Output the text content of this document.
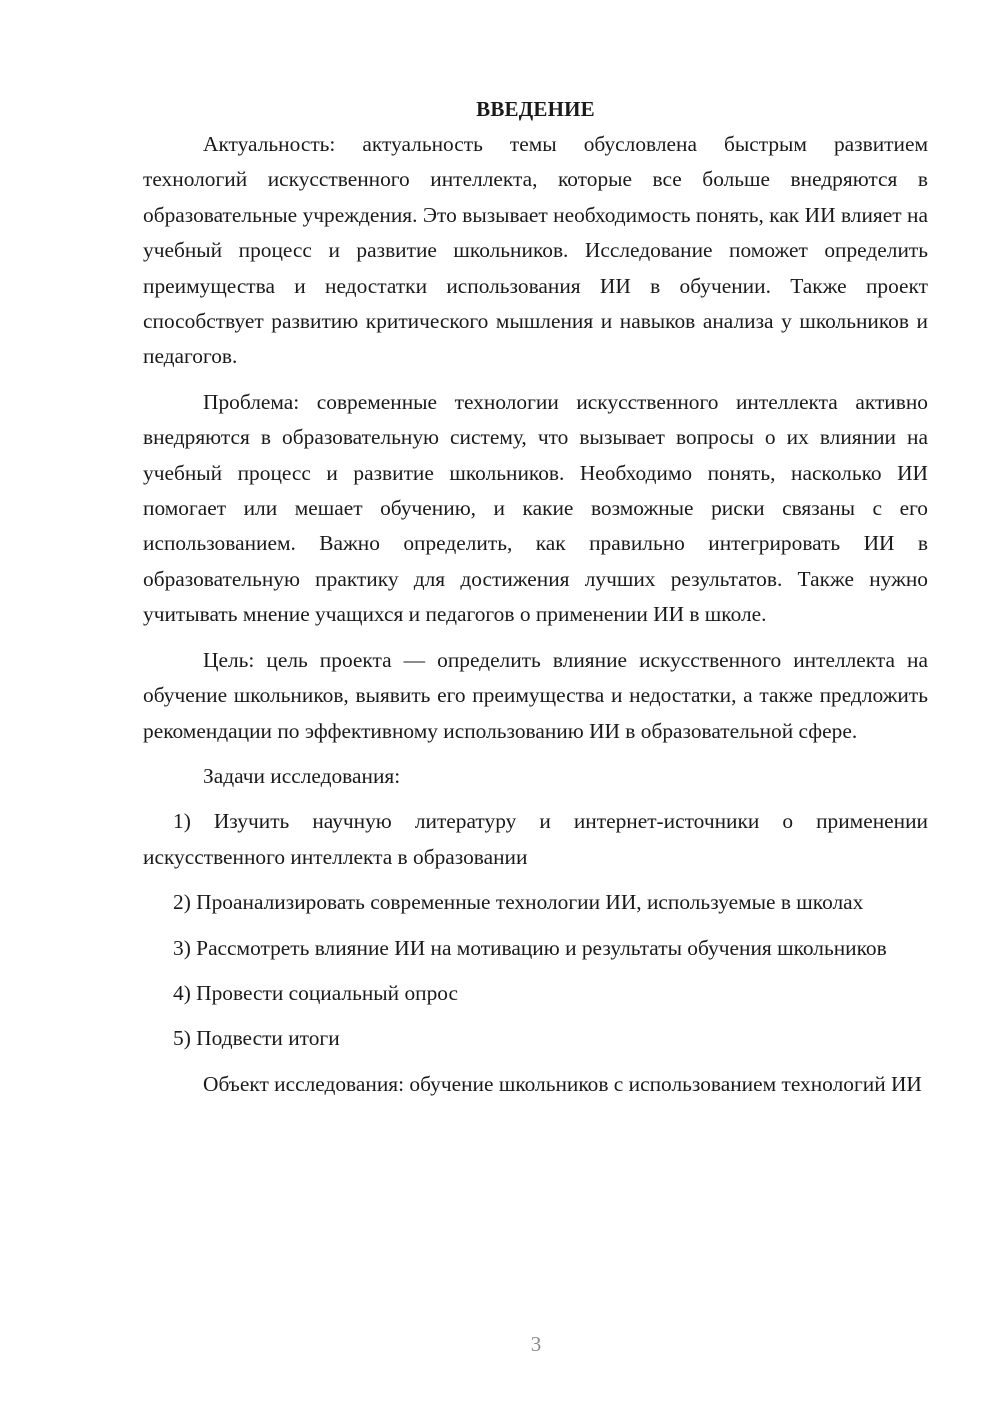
ВВЕДЕНИЕ

Актуальность: актуальность темы обусловлена быстрым развитием технологий искусственного интеллекта, которые все больше внедряются в образовательные учреждения. Это вызывает необходимость понять, как ИИ влияет на учебный процесс и развитие школьников. Исследование поможет определить преимущества и недостатки использования ИИ в обучении. Также проект способствует развитию критического мышления и навыков анализа у школьников и педагогов.

Проблема: современные технологии искусственного интеллекта активно внедряются в образовательную систему, что вызывает вопросы о их влиянии на учебный процесс и развитие школьников. Необходимо понять, насколько ИИ помогает или мешает обучению, и какие возможные риски связаны с его использованием. Важно определить, как правильно интегрировать ИИ в образовательную практику для достижения лучших результатов. Также нужно учитывать мнение учащихся и педагогов о применении ИИ в школе.

Цель: цель проекта — определить влияние искусственного интеллекта на обучение школьников, выявить его преимущества и недостатки, а также предложить рекомендации по эффективному использованию ИИ в образовательной сфере.

Задачи исследования:

1) Изучить научную литературу и интернет-источники о применении искусственного интеллекта в образовании

2) Проанализировать современные технологии ИИ, используемые в школах

3) Рассмотреть влияние ИИ на мотивацию и результаты обучения школьников

4) Провести социальный опрос

5) Подвести итоги

Объект исследования: обучение школьников с использованием технологий ИИ

3
